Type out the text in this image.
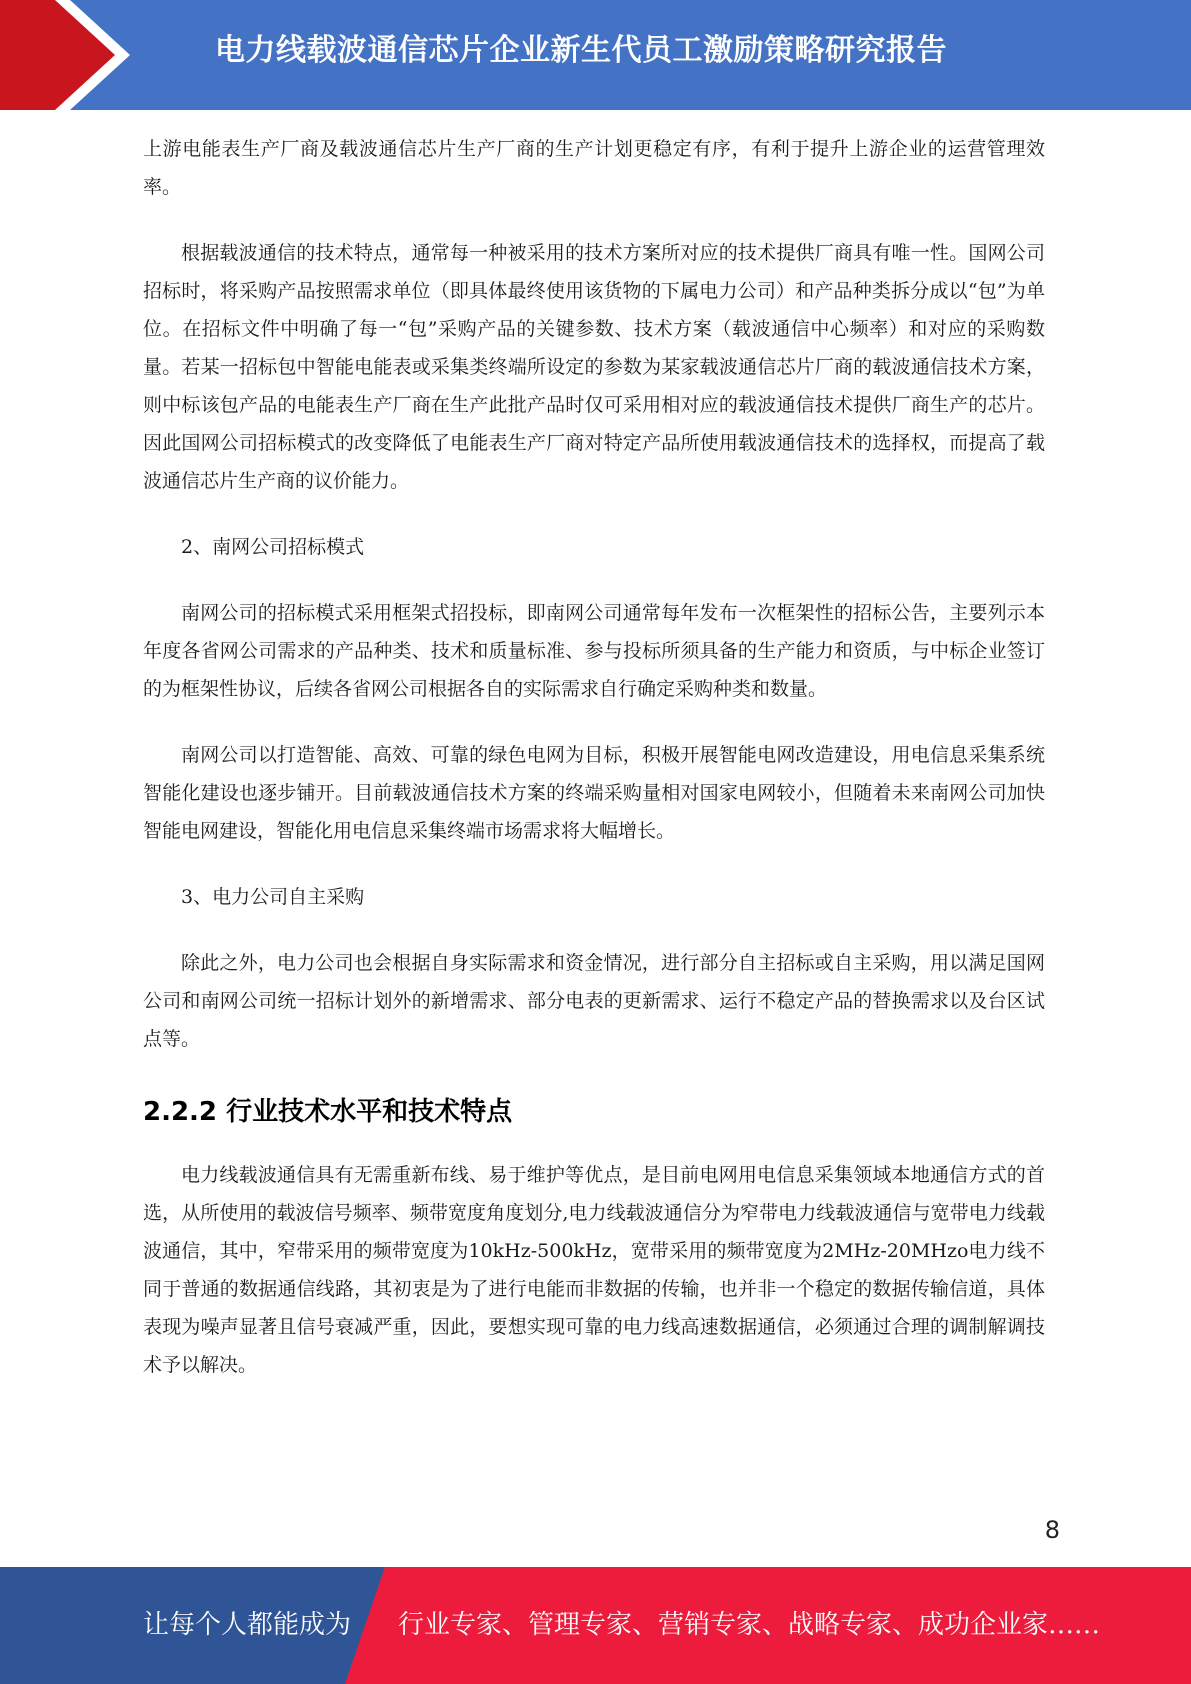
电力线载波通信芯片企业新生代员工激励策略研究报告

上游电能表生产厂商及载波通信芯片生产厂商的生产计划更稳定有序，有利于提升上游企业的运营管理效率。

根据载波通信的技术特点，通常每一种被采用的技术方案所对应的技术提供厂商具有唯一性。国网公司招标时，将采购产品按照需求单位（即具体最终使用该货物的下属电力公司）和产品种类拆分成以“包”为单位。在招标文件中明确了每一“包”采购产品的关键参数、技术方案（载波通信中心频率）和对应的采购数量。若某一招标包中智能电能表或采集类终端所设定的参数为某家载波通信芯片厂商的载波通信技术方案，则中标该包产品的电能表生产厂商在生产此批产品时仅可采用相对应的载波通信技术提供厂商生产的芯片。因此国网公司招标模式的改变降低了电能表生产厂商对特定产品所使用载波通信技术的选择权，而提高了载波通信芯片生产商的议价能力。

2、南网公司招标模式

南网公司的招标模式采用框架式招投标，即南网公司通常每年发布一次框架性的招标公告，主要列示本年度各省网公司需求的产品种类、技术和质量标准、参与投标所须具备的生产能力和资质，与中标企业签订的为框架性协议，后续各省网公司根据各自的实际需求自行确定采购种类和数量。

南网公司以打造智能、高效、可靠的绿色电网为目标，积极开展智能电网改造建设，用电信息采集系统智能化建设也逐步铺开。目前载波通信技术方案的终端采购量相对国家电网较小，但随着未来南网公司加快智能电网建设，智能化用电信息采集终端市场需求将大幅增长。

3、电力公司自主采购

除此之外，电力公司也会根据自身实际需求和资金情况，进行部分自主招标或自主采购，用以满足国网公司和南网公司统一招标计划外的新增需求、部分电表的更新需求、运行不稳定产品的替换需求以及台区试点等。

2.2.2 行业技术水平和技术特点

电力线载波通信具有无需重新布线、易于维护等优点，是目前电网用电信息采集领域本地通信方式的首选，从所使用的载波信号频率、频带宽度角度划分,电力线载波通信分为窄带电力线载波通信与宽带电力线载波通信，其中，窄带采用的频带宽度为10kHz-500kHz，宽带采用的频带宽度为2MHz-20MHzo电力线不同于普通的数据通信线路，其初衷是为了进行电能而非数据的传输，也并非一个稳定的数据传输信道，具体表现为噪声显著且信号衰减严重，因此，要想实现可靠的电力线高速数据通信，必须通过合理的调制解调技术予以解决。

8
让每个人都能成为 行业专家、管理专家、营销专家、战略专家、成功企业家……
